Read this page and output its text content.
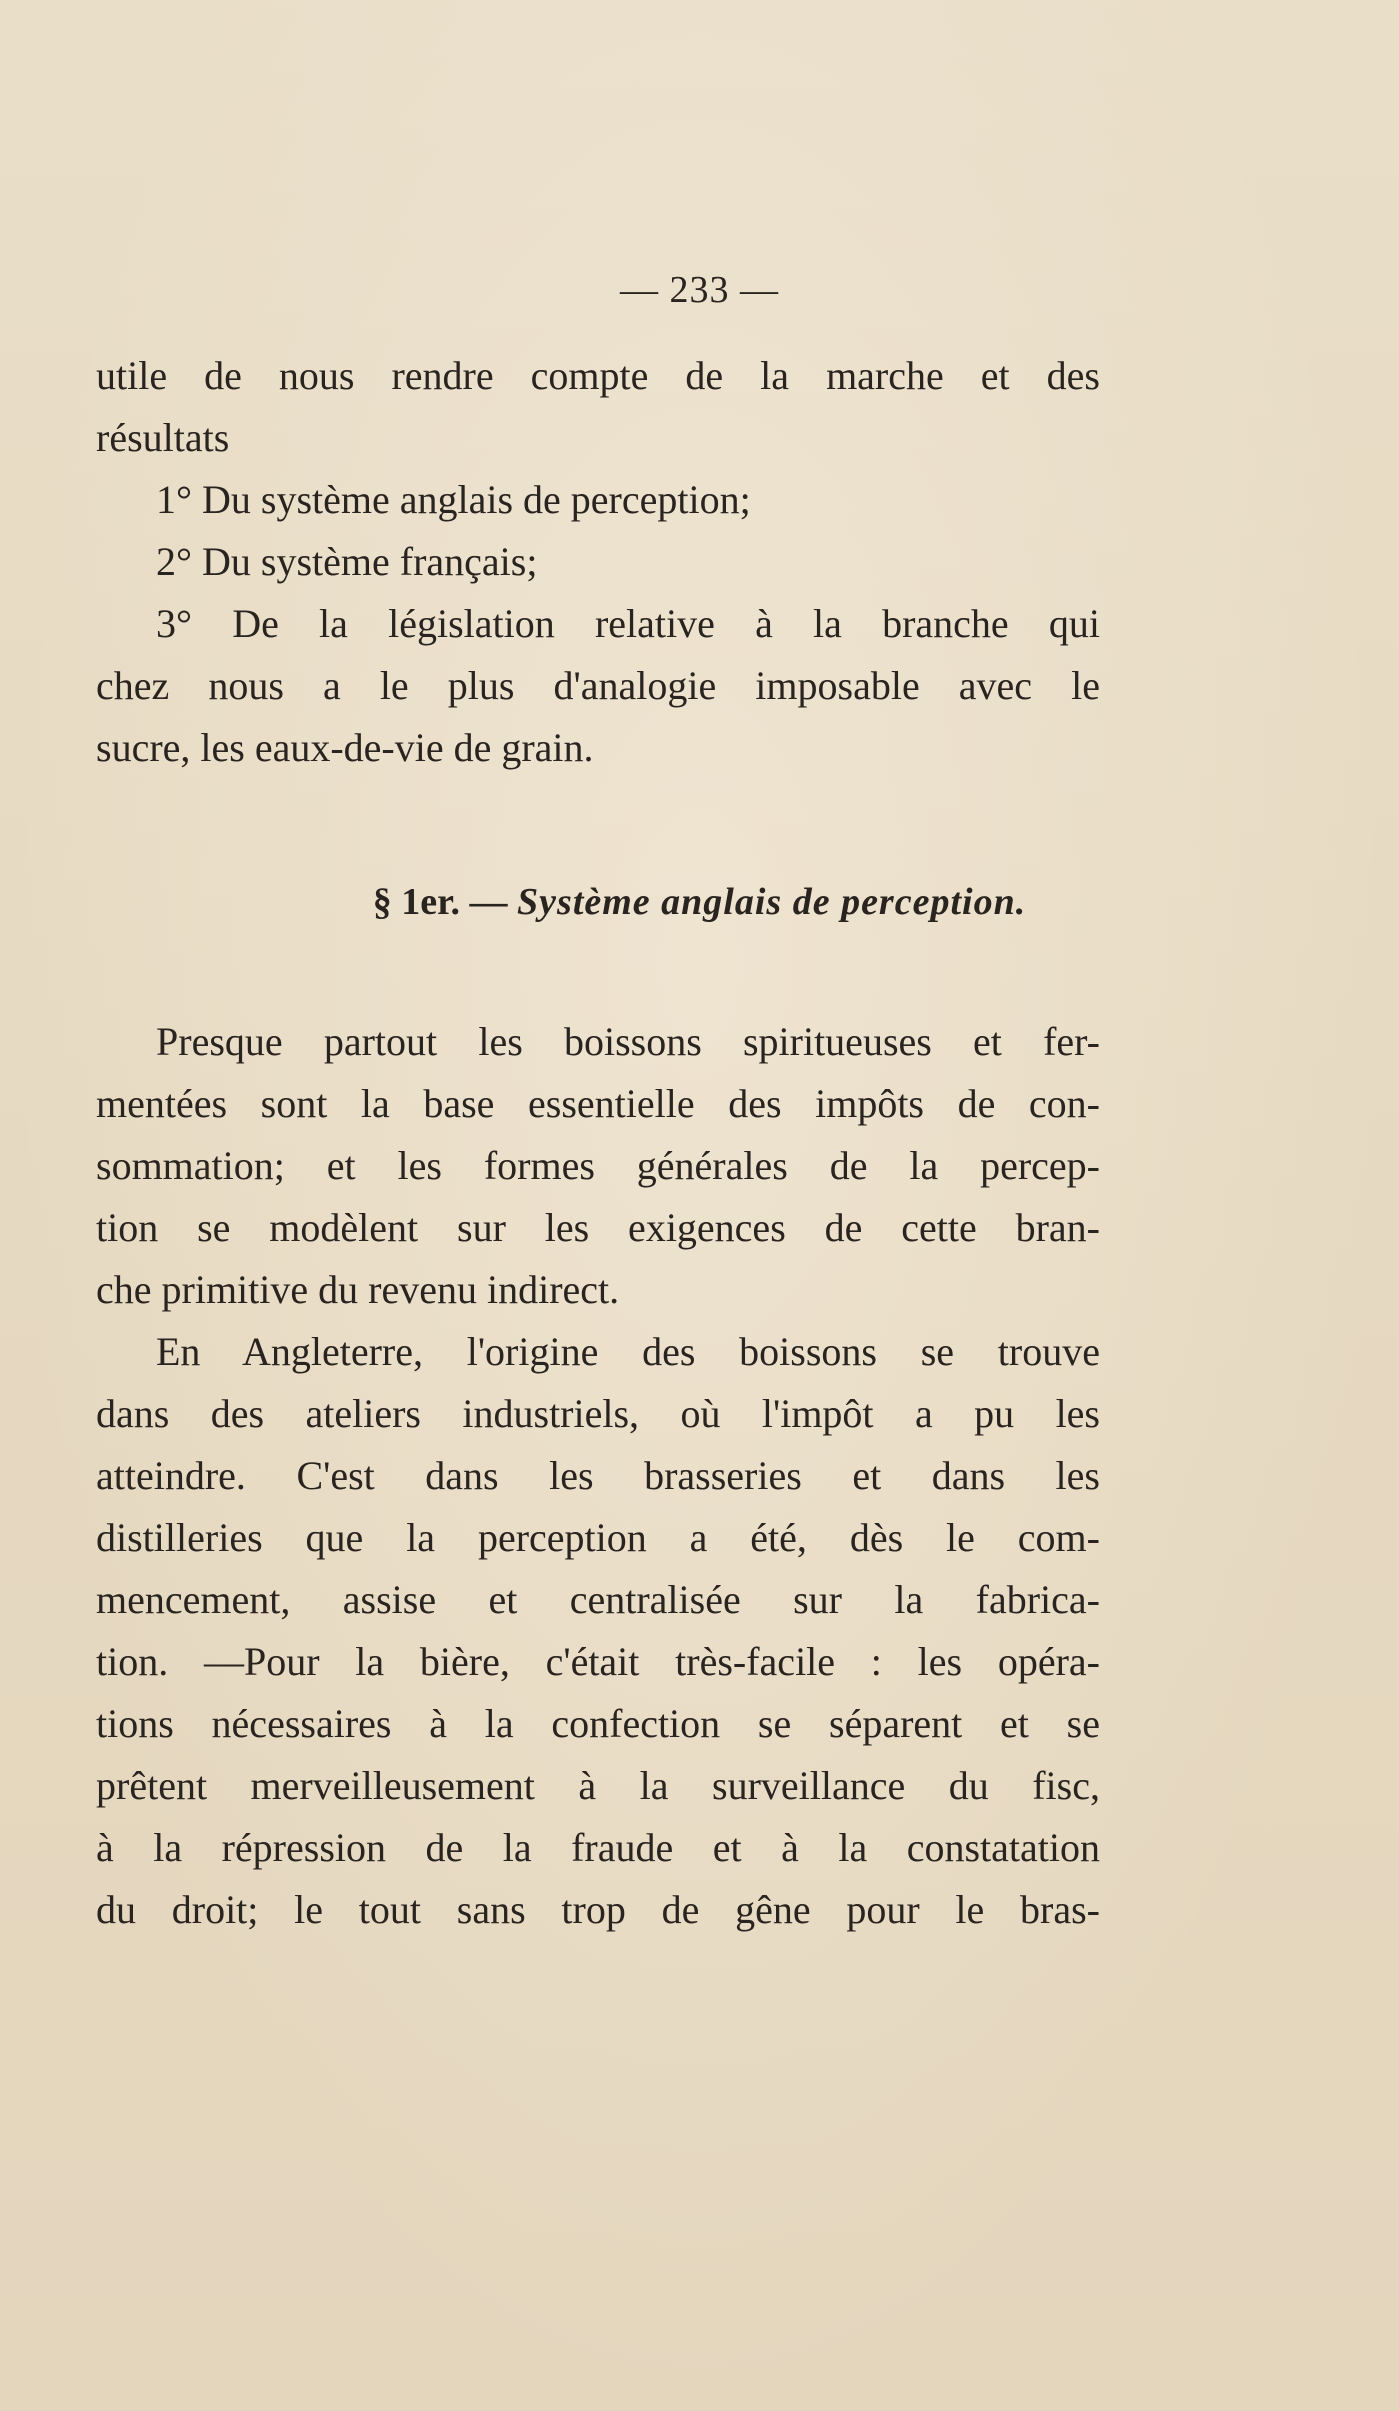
— 233 —
utile de nous rendre compte de la marche et des
résultats
1° Du système anglais de perception;
2° Du système français;
3° De la législation relative à la branche qui
chez nous a le plus d'analogie imposable avec le
sucre, les eaux-de-vie de grain.
§ 1er. — Système anglais de perception.
Presque partout les boissons spiritueuses et fer-
mentées sont la base essentielle des impôts de con-
sommation; et les formes générales de la percep-
tion se modèlent sur les exigences de cette bran-
che primitive du revenu indirect.
En Angleterre, l'origine des boissons se trouve
dans des ateliers industriels, où l'impôt a pu les
atteindre. C'est dans les brasseries et dans les
distilleries que la perception a été, dès le com-
mencement, assise et centralisée sur la fabrica-
tion. —Pour la bière, c'était très-facile : les opéra-
tions nécessaires à la confection se séparent et se
prêtent merveilleusement à la surveillance du fisc,
à la répression de la fraude et à la constatation
du droit; le tout sans trop de gêne pour le bras-
